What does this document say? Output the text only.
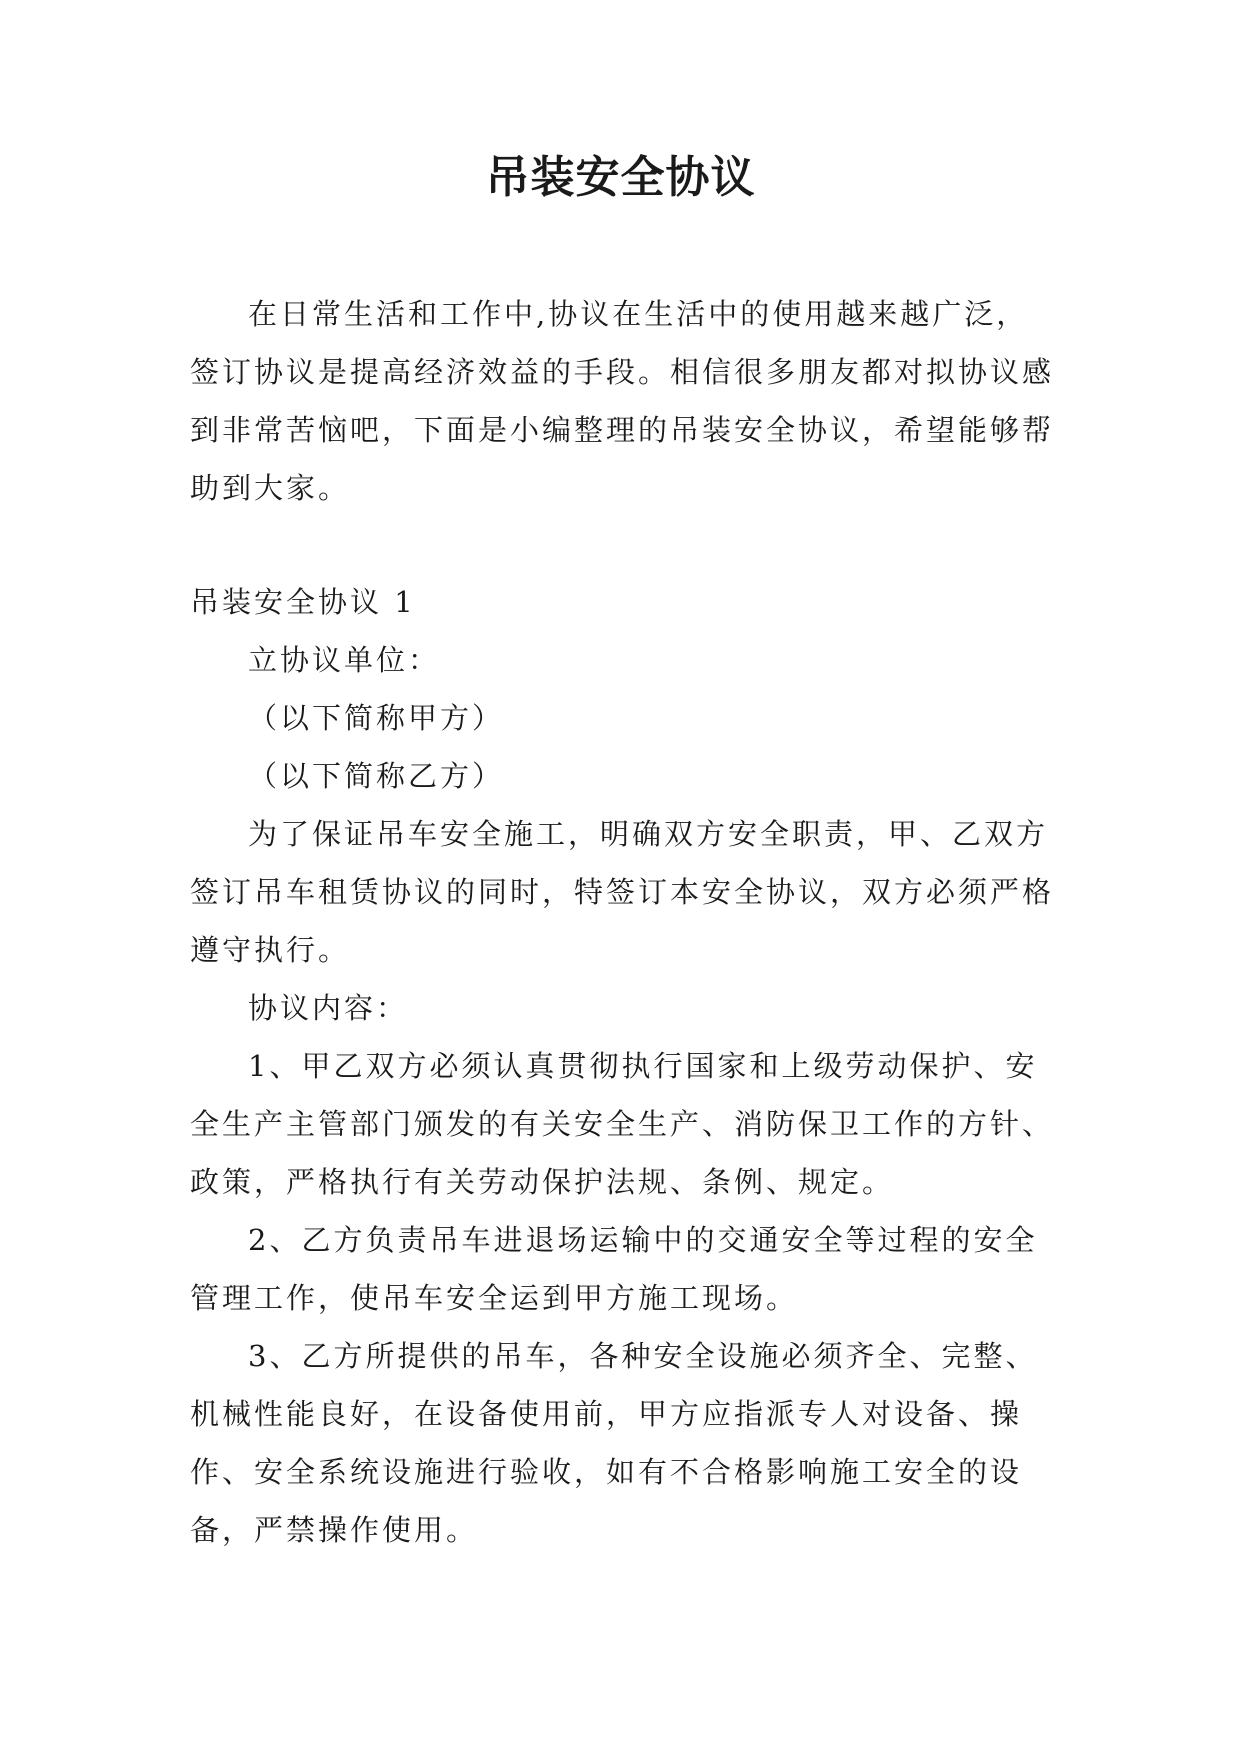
吊装安全协议

在日常生活和工作中,协议在生活中的使用越来越广泛，签订协议是提高经济效益的手段。相信很多朋友都对拟协议感到非常苦恼吧，下面是小编整理的吊装安全协议，希望能够帮助到大家。

吊装安全协议 1

立协议单位：

（以下简称甲方）

（以下简称乙方）

为了保证吊车安全施工，明确双方安全职责，甲、乙双方签订吊车租赁协议的同时，特签订本安全协议，双方必须严格遵守执行。

协议内容：

1、甲乙双方必须认真贯彻执行国家和上级劳动保护、安全生产主管部门颁发的有关安全生产、消防保卫工作的方针、政策，严格执行有关劳动保护法规、条例、规定。

2、乙方负责吊车进退场运输中的交通安全等过程的安全管理工作，使吊车安全运到甲方施工现场。

3、乙方所提供的吊车，各种安全设施必须齐全、完整、机械性能良好，在设备使用前，甲方应指派专人对设备、操作、安全系统设施进行验收，如有不合格影响施工安全的设备，严禁操作使用。
